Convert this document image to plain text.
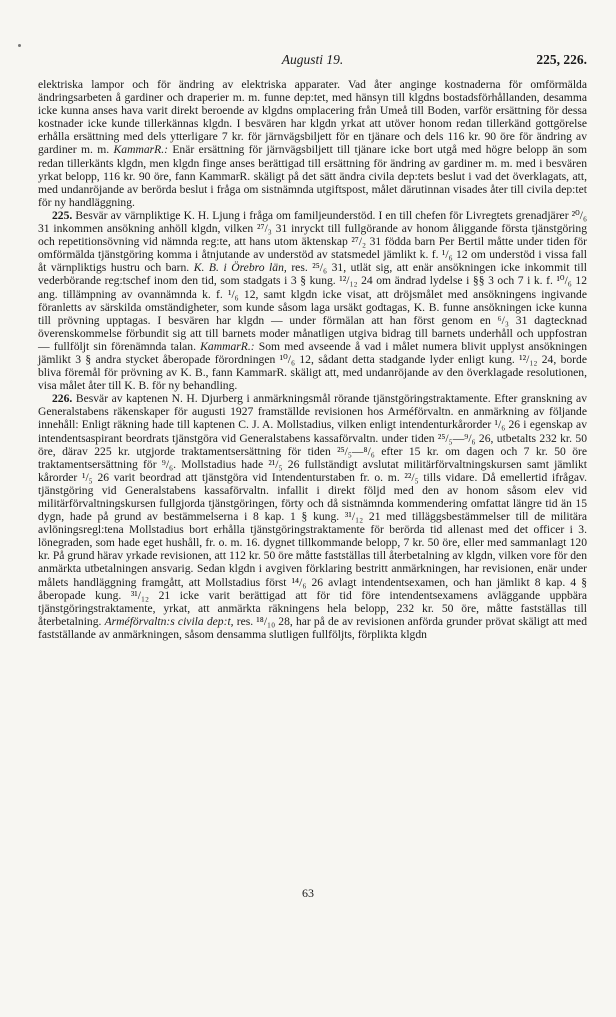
Augusti 19.	225, 226.

elektriska lampor och för ändring av elektriska apparater. Vad åter anginge kostnaderna för omförmälda ändringsarbeten å gardiner och draperier m. m. funne dep:tet, med hänsyn till klgdns bostadsförhållanden, desamma icke kunna anses hava varit direkt beroende av klgdns omplacering från Umeå till Boden, varför ersättning för dessa kostnader icke kunde tillerkännas klgdn. I besvären har klgdn yrkat att utöver honom redan tillerkänd gottgörelse erhålla ersättning med dels ytterligare 7 kr. för järnvägsbiljett för en tjänare och dels 116 kr. 90 öre för ändring av gardiner m. m. KammarR.: Enär ersättning för järnvägsbiljett till tjänare icke bort utgå med högre belopp än som redan tillerkänts klgdn, men klgdn finge anses berättigad till ersättning för ändring av gardiner m. m. med i besvären yrkat belopp, 116 kr. 90 öre, fann KammarR. skäligt på det sätt ändra civila dep:tets beslut i vad det överklagats, att, med undanröjande av berörda beslut i fråga om sistnämnda utgiftspost, målet därutinnan visades åter till civila dep:tet för ny handläggning.

225. Besvär av värnpliktige K. H. Ljung i fråga om familjeunderstöd. I en till chefen för Livregtets grenadjärer ²⁰/₆ 31 inkommen ansökning anhöll klgdn, vilken ²⁷/₃ 31 inryckt till fullgörande av honom åliggande första tjänstgöring och repetitionsövning vid nämnda reg:te, att hans utom äktenskap ²⁷/₂ 31 födda barn Per Bertil måtte under tiden för omförmälda tjänstgöring komma i åtnjutande av understöd av statsmedel jämlikt k. f. ¹/₆ 12 om understöd i vissa fall åt värnpliktigs hustru och barn. K. B. i Örebro län, res. ²⁵/₆ 31, utlät sig, att enär ansökningen icke inkommit till vederbörande reg:tschef inom den tid, som stadgats i 3 § kung. ¹²/₁₂ 24 om ändrad lydelse i §§ 3 och 7 i k. f. ¹⁰/₆ 12 ang. tillämpning av ovannämnda k. f. ¹/₆ 12, samt klgdn icke visat, att dröjsmålet med ansökningens ingivande föranletts av särskilda omständigheter, som kunde såsom laga ursäkt godtagas, K. B. funne ansökningen icke kunna till prövning upptagas. I besvären har klgdn — under förmälan att han först genom en ⁶/₃ 31 dagtecknad överenskommelse förbundit sig att till barnets moder månatligen utgiva bidrag till barnets underhåll och uppfostran — fullföljt sin förenämnda talan. KammarR.: Som med avseende å vad i målet numera blivit upplyst ansökningen jämlikt 3 § andra stycket åberopade förordningen ¹⁰/₆ 12, sådant detta stadgande lyder enligt kung. ¹²/₁₂ 24, borde bliva föremål för prövning av K. B., fann KammarR. skäligt att, med undanröjande av den överklagade resolutionen, visa målet åter till K. B. för ny behandling.

226. Besvär av kaptenen N. H. Djurberg i anmärkningsmål rörande tjänstgöringstraktamente. Efter granskning av Generalstabens räkenskaper för augusti 1927 framställde revisionen hos Arméförvaltn. en anmärkning av följande innehåll: Enligt räkning hade till kaptenen C. J. A. Mollstadius, vilken enligt intendenturkårorder ¹/₆ 26 i egenskap av intendentsaspirant beordrats tjänstgöra vid Generalstabens kassaförvaltn. under tiden ²⁵/₅—⁹/₆ 26, utbetalts 232 kr. 50 öre, därav 225 kr. utgjorde traktamentsersättning för tiden ²⁵/₅—⁸/₆ efter 15 kr. om dagen och 7 kr. 50 öre traktamentsersättning för ⁹/₆. Mollstadius hade ²¹/₅ 26 fullständigt avslutat militärförvaltningskursen samt jämlikt kårorder ¹/₅ 26 varit beordrad att tjänstgöra vid Intendenturstaben fr. o. m. ²²/₅ tills vidare. Då emellertid ifrågav. tjänstgöring vid Generalstabens kassaförvaltn. infallit i direkt följd med den av honom såsom elev vid militärförvaltningskursen fullgjorda tjänstgöringen, förty och då sistnämnda kommendering omfattat längre tid än 15 dygn, hade på grund av bestämmelserna i 8 kap. 1 § kung. ³¹/₁₂ 21 med tilläggsbestämmelser till de militära avlöningsregl:tena Mollstadius bort erhålla tjänstgöringstraktamente för berörda tid allenast med det officer i 3. lönegraden, som hade eget hushåll, fr. o. m. 16. dygnet tillkommande belopp, 7 kr. 50 öre, eller med sammanlagt 120 kr. På grund härav yrkade revisionen, att 112 kr. 50 öre måtte fastställas till återbetalning av klgdn, vilken vore för den anmärkta utbetalningen ansvarig. Sedan klgdn i avgiven förklaring bestritt anmärkningen, har revisionen, enär under målets handläggning framgått, att Mollstadius först ¹⁴/₆ 26 avlagt intendentsexamen, och han jämlikt 8 kap. 4 § åberopade kung. ³¹/₁₂ 21 icke varit berättigad att för tid före intendentsexamens avläggande uppbära tjänstgöringstraktamente, yrkat, att anmärkta räkningens hela belopp, 232 kr. 50 öre, måtte fastställas till återbetalning. Arméförvaltn:s civila dep:t, res. ¹⁸/₁₀ 28, har på de av revisionen anförda grunder prövat skäligt att med fastställande av anmärkningen, såsom densamma slutligen fullföljts, förplikta klgdn

63
